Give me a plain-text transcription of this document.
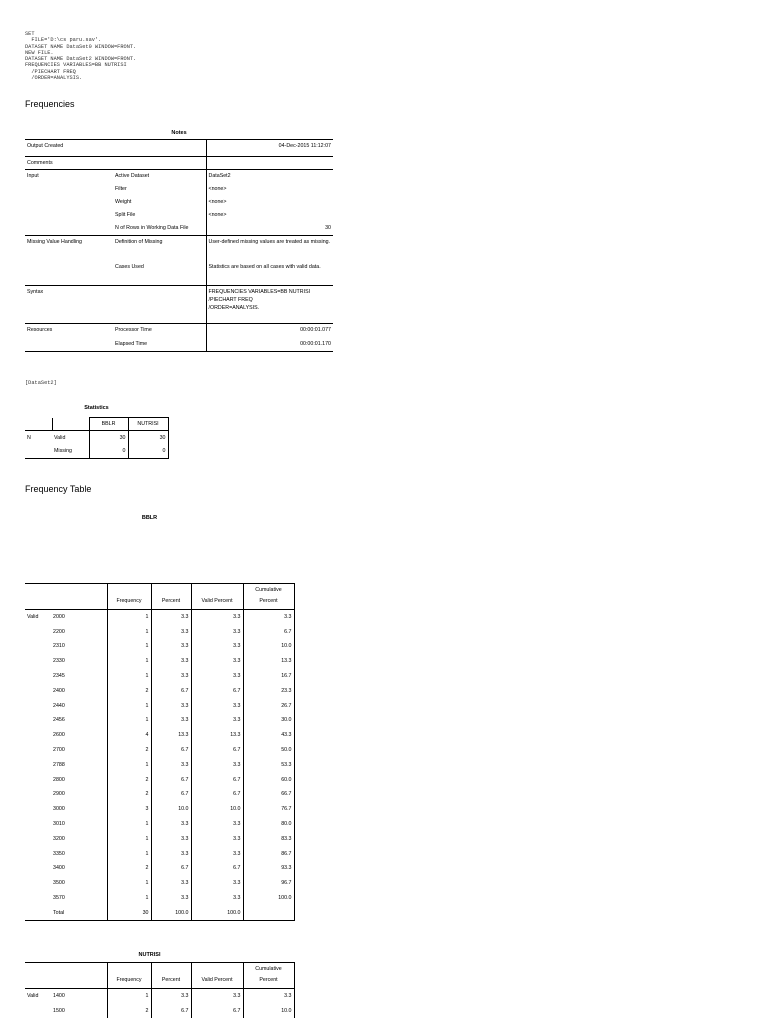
SET
FILE='D:\cs paru.sav'.
DATASET NAME DataSet0 WINDOW=FRONT.
NEW FILE.
DATASET NAME DataSet2 WINDOW=FRONT.
FREQUENCIES VARIABLES=BB NUTRISI
/PIECHART FREQ
/ORDER=ANALYSIS.
Frequencies
Notes
Output Created		04-Dec-2015 11:12:07
Comments		
Input	Active Dataset	DataSet2
	Filter	<none>
	Weight	<none>
	Split File	<none>
	N of Rows in Working Data File	30
Missing Value Handling	Definition of Missing	User-defined missing values are treated as missing.
	Cases Used	Statistics are based on all cases with valid data.
Syntax		FREQUENCIES VARIABLES=BB NUTRISI
/PIECHART FREQ
/ORDER=ANALYSIS.
Resources	Processor Time	00:00:01.077
	Elapsed Time	00:00:01.170
[DataSet2]
Statistics
		BBLR	NUTRISI
N	Valid	30	30
	Missing	0	0
Frequency Table
BBLR

		Frequency	Percent	Valid Percent	Cumulative
Percent

Valid	2000	1	3.3	3.3	3.3
	2200	1	3.3	3.3	6.7
	2310	1	3.3	3.3	10.0
	2330	1	3.3	3.3	13.3
	2345	1	3.3	3.3	16.7
	2400	2	6.7	6.7	23.3
	2440	1	3.3	3.3	26.7
	2456	1	3.3	3.3	30.0
	2600	4	13.3	13.3	43.3
	2700	2	6.7	6.7	50.0
	2788	1	3.3	3.3	53.3
	2800	2	6.7	6.7	60.0
	2900	2	6.7	6.7	66.7
	3000	3	10.0	10.0	76.7
	3010	1	3.3	3.3	80.0
	3200	1	3.3	3.3	83.3
	3350	1	3.3	3.3	86.7
	3400	2	6.7	6.7	93.3
	3500	1	3.3	3.3	96.7
	3570	1	3.3	3.3	100.0
	Total	30	100.0	100.0	
NUTRISI

		Frequency	Percent	Valid Percent	Cumulative
Percent

Valid	1400	1	3.3	3.3	3.3
	1500	2	6.7	6.7	10.0
